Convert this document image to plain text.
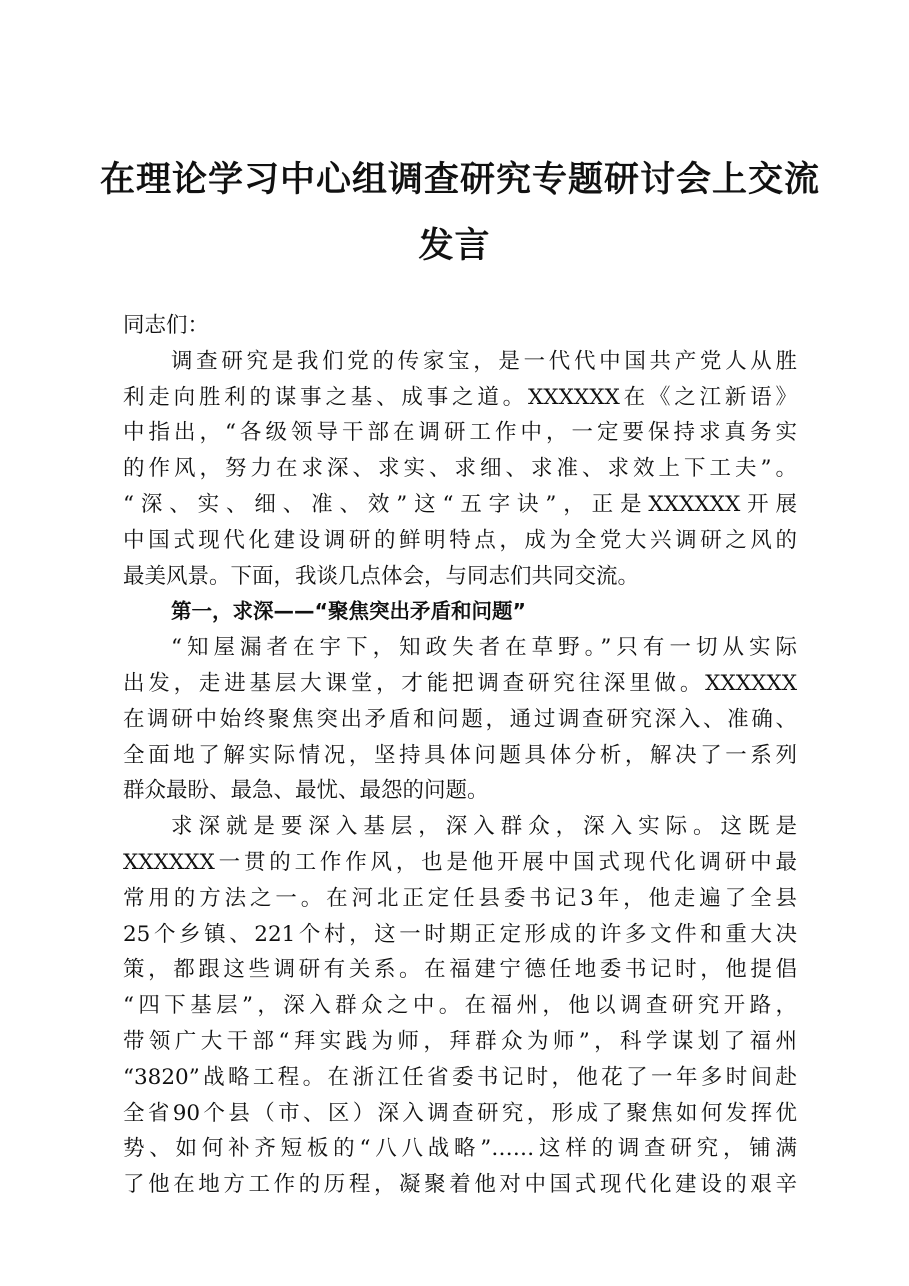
在理论学习中心组调查研究专题研讨会上交流
发言
同志们：
调查研究是我们党的传家宝，是一代代中国共产党人从胜
利走向胜利的谋事之基、成事之道。XXXXXX在《之江新语》
中指出，“各级领导干部在调研工作中，一定要保持求真务实
的作风，努力在求深、求实、求细、求准、求效上下工夫”。
“深、实、细、准、效”这“五字诀”，正是XXXXXX开展
中国式现代化建设调研的鲜明特点，成为全党大兴调研之风的
最美风景。下面，我谈几点体会，与同志们共同交流。
第一，求深——“聚焦突出矛盾和问题”
“知屋漏者在宇下，知政失者在草野。”只有一切从实际
出发，走进基层大课堂，才能把调查研究往深里做。XXXXXX
在调研中始终聚焦突出矛盾和问题，通过调查研究深入、准确、
全面地了解实际情况，坚持具体问题具体分析，解决了一系列
群众最盼、最急、最忧、最怨的问题。
求深就是要深入基层，深入群众，深入实际。这既是
XXXXXX一贯的工作作风，也是他开展中国式现代化调研中最
常用的方法之一。在河北正定任县委书记3年，他走遍了全县
25个乡镇、221个村，这一时期正定形成的许多文件和重大决
策，都跟这些调研有关系。在福建宁德任地委书记时，他提倡
“四下基层”，深入群众之中。在福州，他以调查研究开路，
带领广大干部“拜实践为师，拜群众为师”，科学谋划了福州
“3820”战略工程。在浙江任省委书记时，他花了一年多时间赴
全省90个县（市、区）深入调查研究，形成了聚焦如何发挥优
势、如何补齐短板的“八八战略”……这样的调查研究，铺满
了他在地方工作的历程，凝聚着他对中国式现代化建设的艰辛
